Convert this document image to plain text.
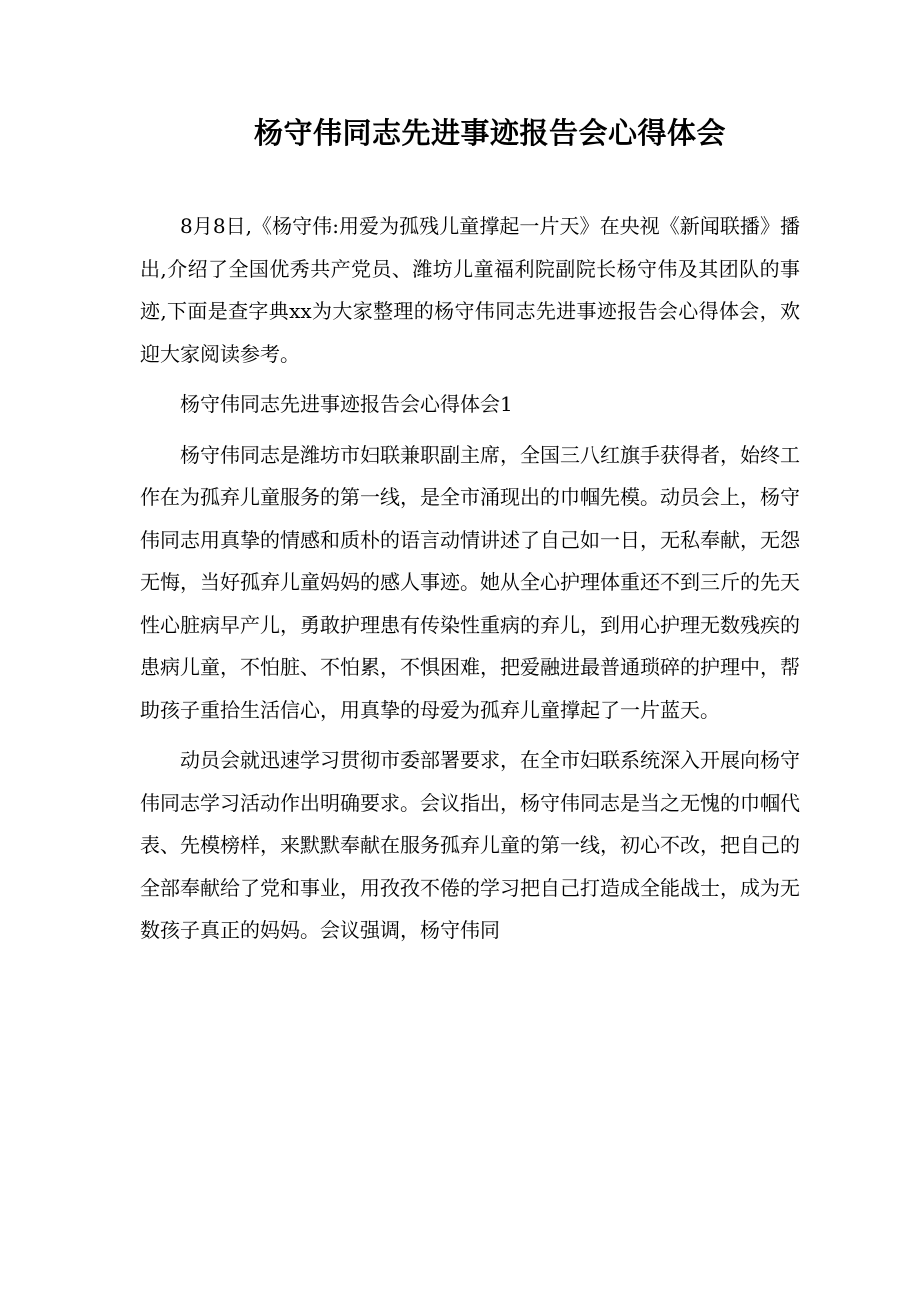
杨守伟同志先进事迹报告会心得体会

8月8日,《杨守伟:用爱为孤残儿童撑起一片天》在央视《新闻联播》播出,介绍了全国优秀共产党员、潍坊儿童福利院副院长杨守伟及其团队的事迹,下面是查字典xx为大家整理的杨守伟同志先进事迹报告会心得体会，欢迎大家阅读参考。

杨守伟同志先进事迹报告会心得体会1

杨守伟同志是潍坊市妇联兼职副主席，全国三八红旗手获得者，始终工作在为孤弃儿童服务的第一线，是全市涌现出的巾帼先模。动员会上，杨守伟同志用真挚的情感和质朴的语言动情讲述了自己如一日，无私奉献，无怨无悔，当好孤弃儿童妈妈的感人事迹。她从全心护理体重还不到三斤的先天性心脏病早产儿，勇敢护理患有传染性重病的弃儿，到用心护理无数残疾的患病儿童，不怕脏、不怕累，不惧困难，把爱融进最普通琐碎的护理中，帮助孩子重拾生活信心，用真挚的母爱为孤弃儿童撑起了一片蓝天。

动员会就迅速学习贯彻市委部署要求，在全市妇联系统深入开展向杨守伟同志学习活动作出明确要求。会议指出，杨守伟同志是当之无愧的巾帼代表、先模榜样，来默默奉献在服务孤弃儿童的第一线，初心不改，把自己的全部奉献给了党和事业，用孜孜不倦的学习把自己打造成全能战士，成为无数孩子真正的妈妈。会议强调，杨守伟同
